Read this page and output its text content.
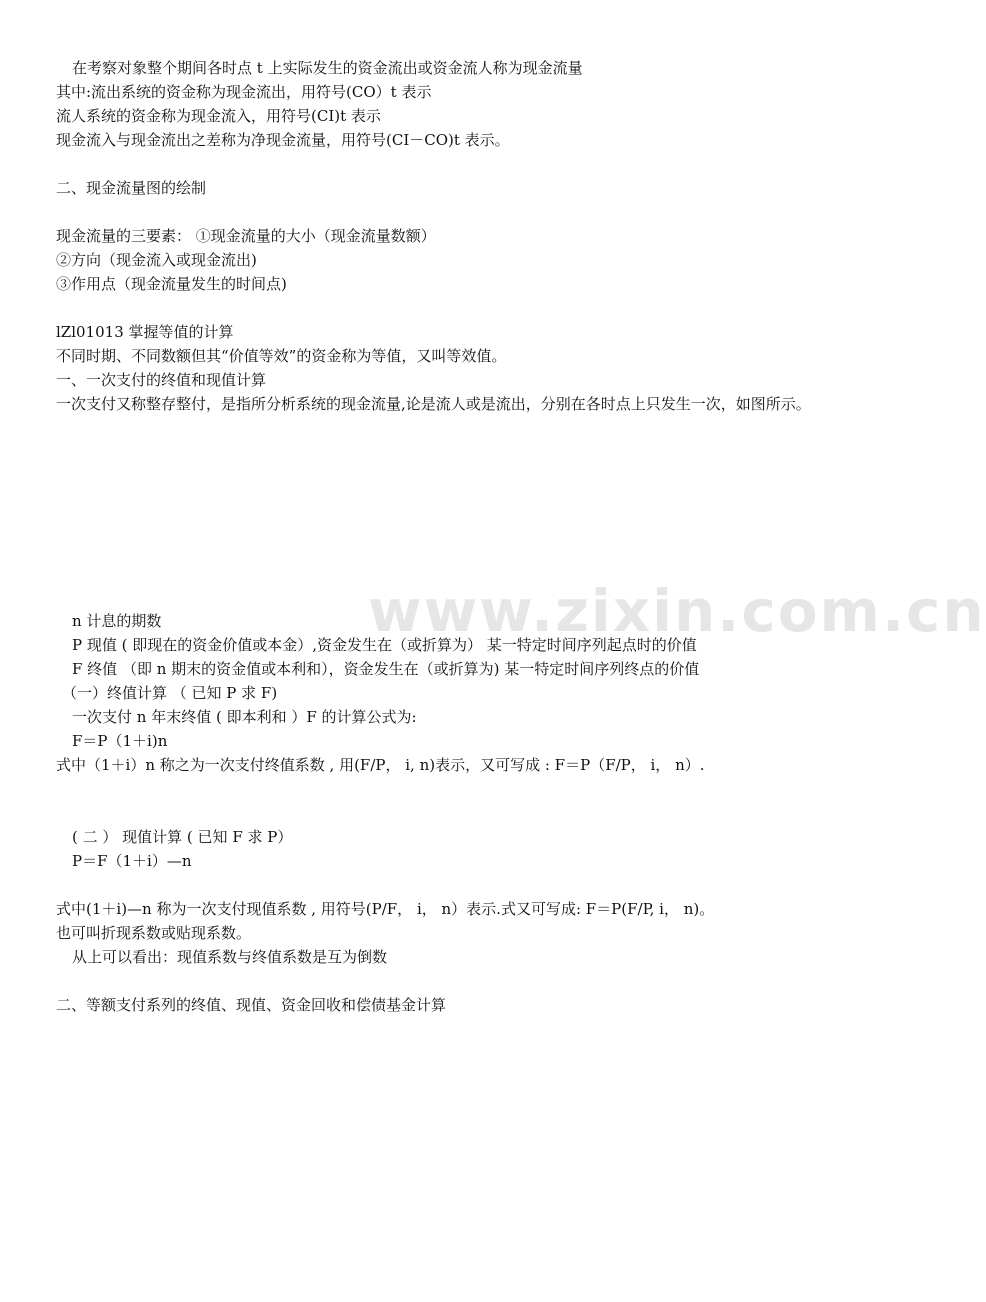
www.zixin.com.cn
在考察对象整个期间各时点 t 上实际发生的资金流出或资金流人称为现金流量
其中:流出系统的资金称为现金流出，用符号(CO）t 表示
流人系统的资金称为现金流入，用符号(CI)t 表示
现金流入与现金流出之差称为净现金流量，用符号(CI－CO)t 表示。
二、现金流量图的绘制
现金流量的三要素： ①现金流量的大小（现金流量数额）
②方向（现金流入或现金流出)
③作用点（现金流量发生的时间点)
lZl01013 掌握等值的计算
不同时期、不同数额但其“价值等效”的资金称为等值，又叫等效值。
一、一次支付的终值和现值计算
一次支付又称整存整付，是指所分析系统的现金流量,论是流人或是流出，分别在各时点上只发生一次，如图所示。
n 计息的期数
P 现值 ( 即现在的资金价值或本金）,资金发生在（或折算为） 某一特定时间序列起点时的价值
F 终值 （即 n 期末的资金值或本利和），资金发生在（或折算为) 某一特定时间序列终点的价值
（一）终值计算 （ 已知 P 求 F)
一次支付 n 年末终值 ( 即本利和 ）F 的计算公式为:
F＝P（1＋i)n
式中（1＋i）n 称之为一次支付终值系数 , 用(F/P， i, n)表示，又可写成 : F＝P（F/P， i， n）.
( 二 ） 现值计算 ( 已知 F 求 P）
P＝F（1＋i）—n
式中(1＋i)—n 称为一次支付现值系数 , 用符号(P/F， i， n）表示.式又可写成: F＝P(F/P, i， n)。
也可叫折现系数或贴现系数。
从上可以看出：现值系数与终值系数是互为倒数
二、等额支付系列的终值、现值、资金回收和偿债基金计算
